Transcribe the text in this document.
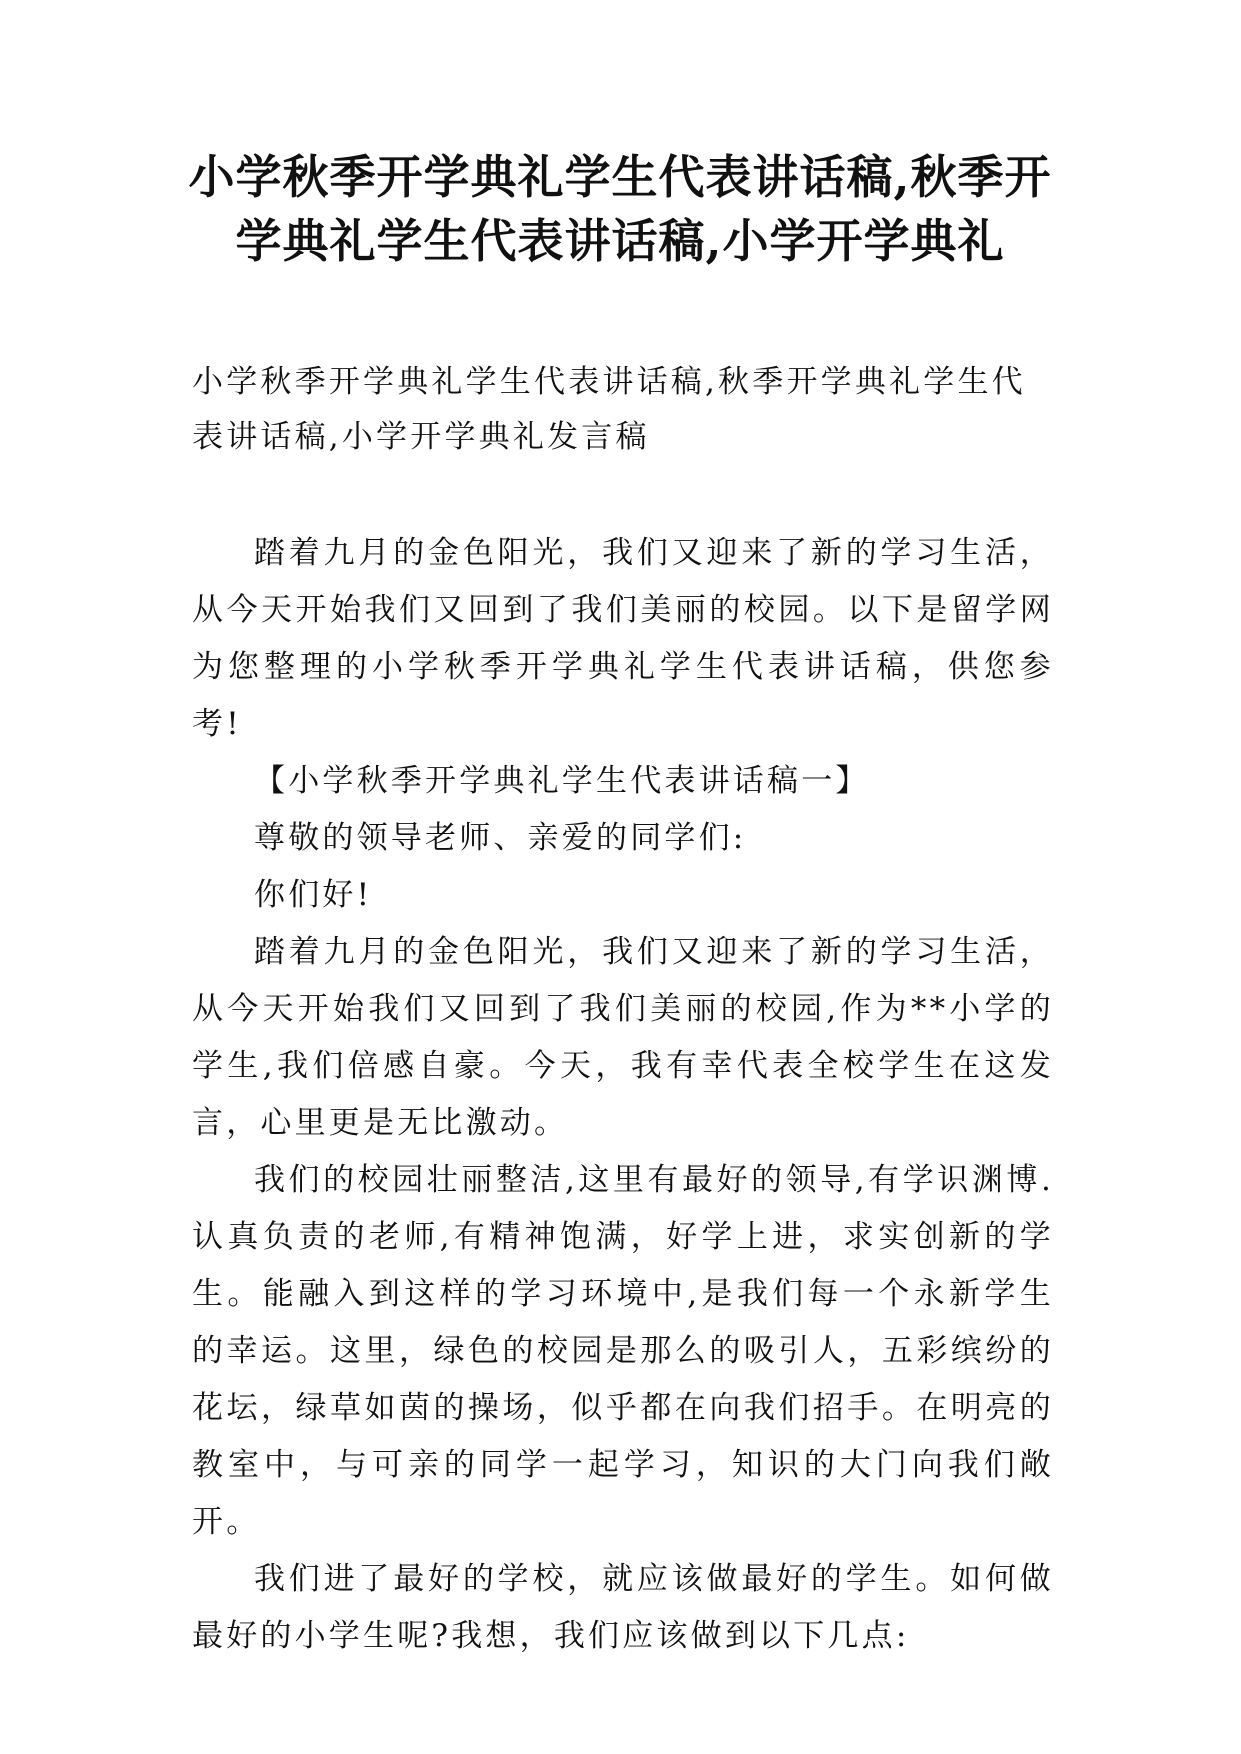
小学秋季开学典礼学生代表讲话稿,秋季开学典礼学生代表讲话稿,小学开学典礼

小学秋季开学典礼学生代表讲话稿,秋季开学典礼学生代表讲话稿,小学开学典礼发言稿

踏着九月的金色阳光，我们又迎来了新的学习生活，从今天开始我们又回到了我们美丽的校园。以下是留学网为您整理的小学秋季开学典礼学生代表讲话稿，供您参考!

【小学秋季开学典礼学生代表讲话稿一】

尊敬的领导老师、亲爱的同学们:

你们好!

踏着九月的金色阳光，我们又迎来了新的学习生活，从今天开始我们又回到了我们美丽的校园,作为**小学的学生,我们倍感自豪。今天，我有幸代表全校学生在这发言，心里更是无比激动。

我们的校园壮丽整洁,这里有最好的领导,有学识渊博.认真负责的老师,有精神饱满，好学上进，求实创新的学生。能融入到这样的学习环境中,是我们每一个永新学生的幸运。这里，绿色的校园是那么的吸引人，五彩缤纷的花坛，绿草如茵的操场，似乎都在向我们招手。在明亮的教室中，与可亲的同学一起学习，知识的大门向我们敞开。

我们进了最好的学校，就应该做最好的学生。如何做最好的小学生呢?我想，我们应该做到以下几点:
